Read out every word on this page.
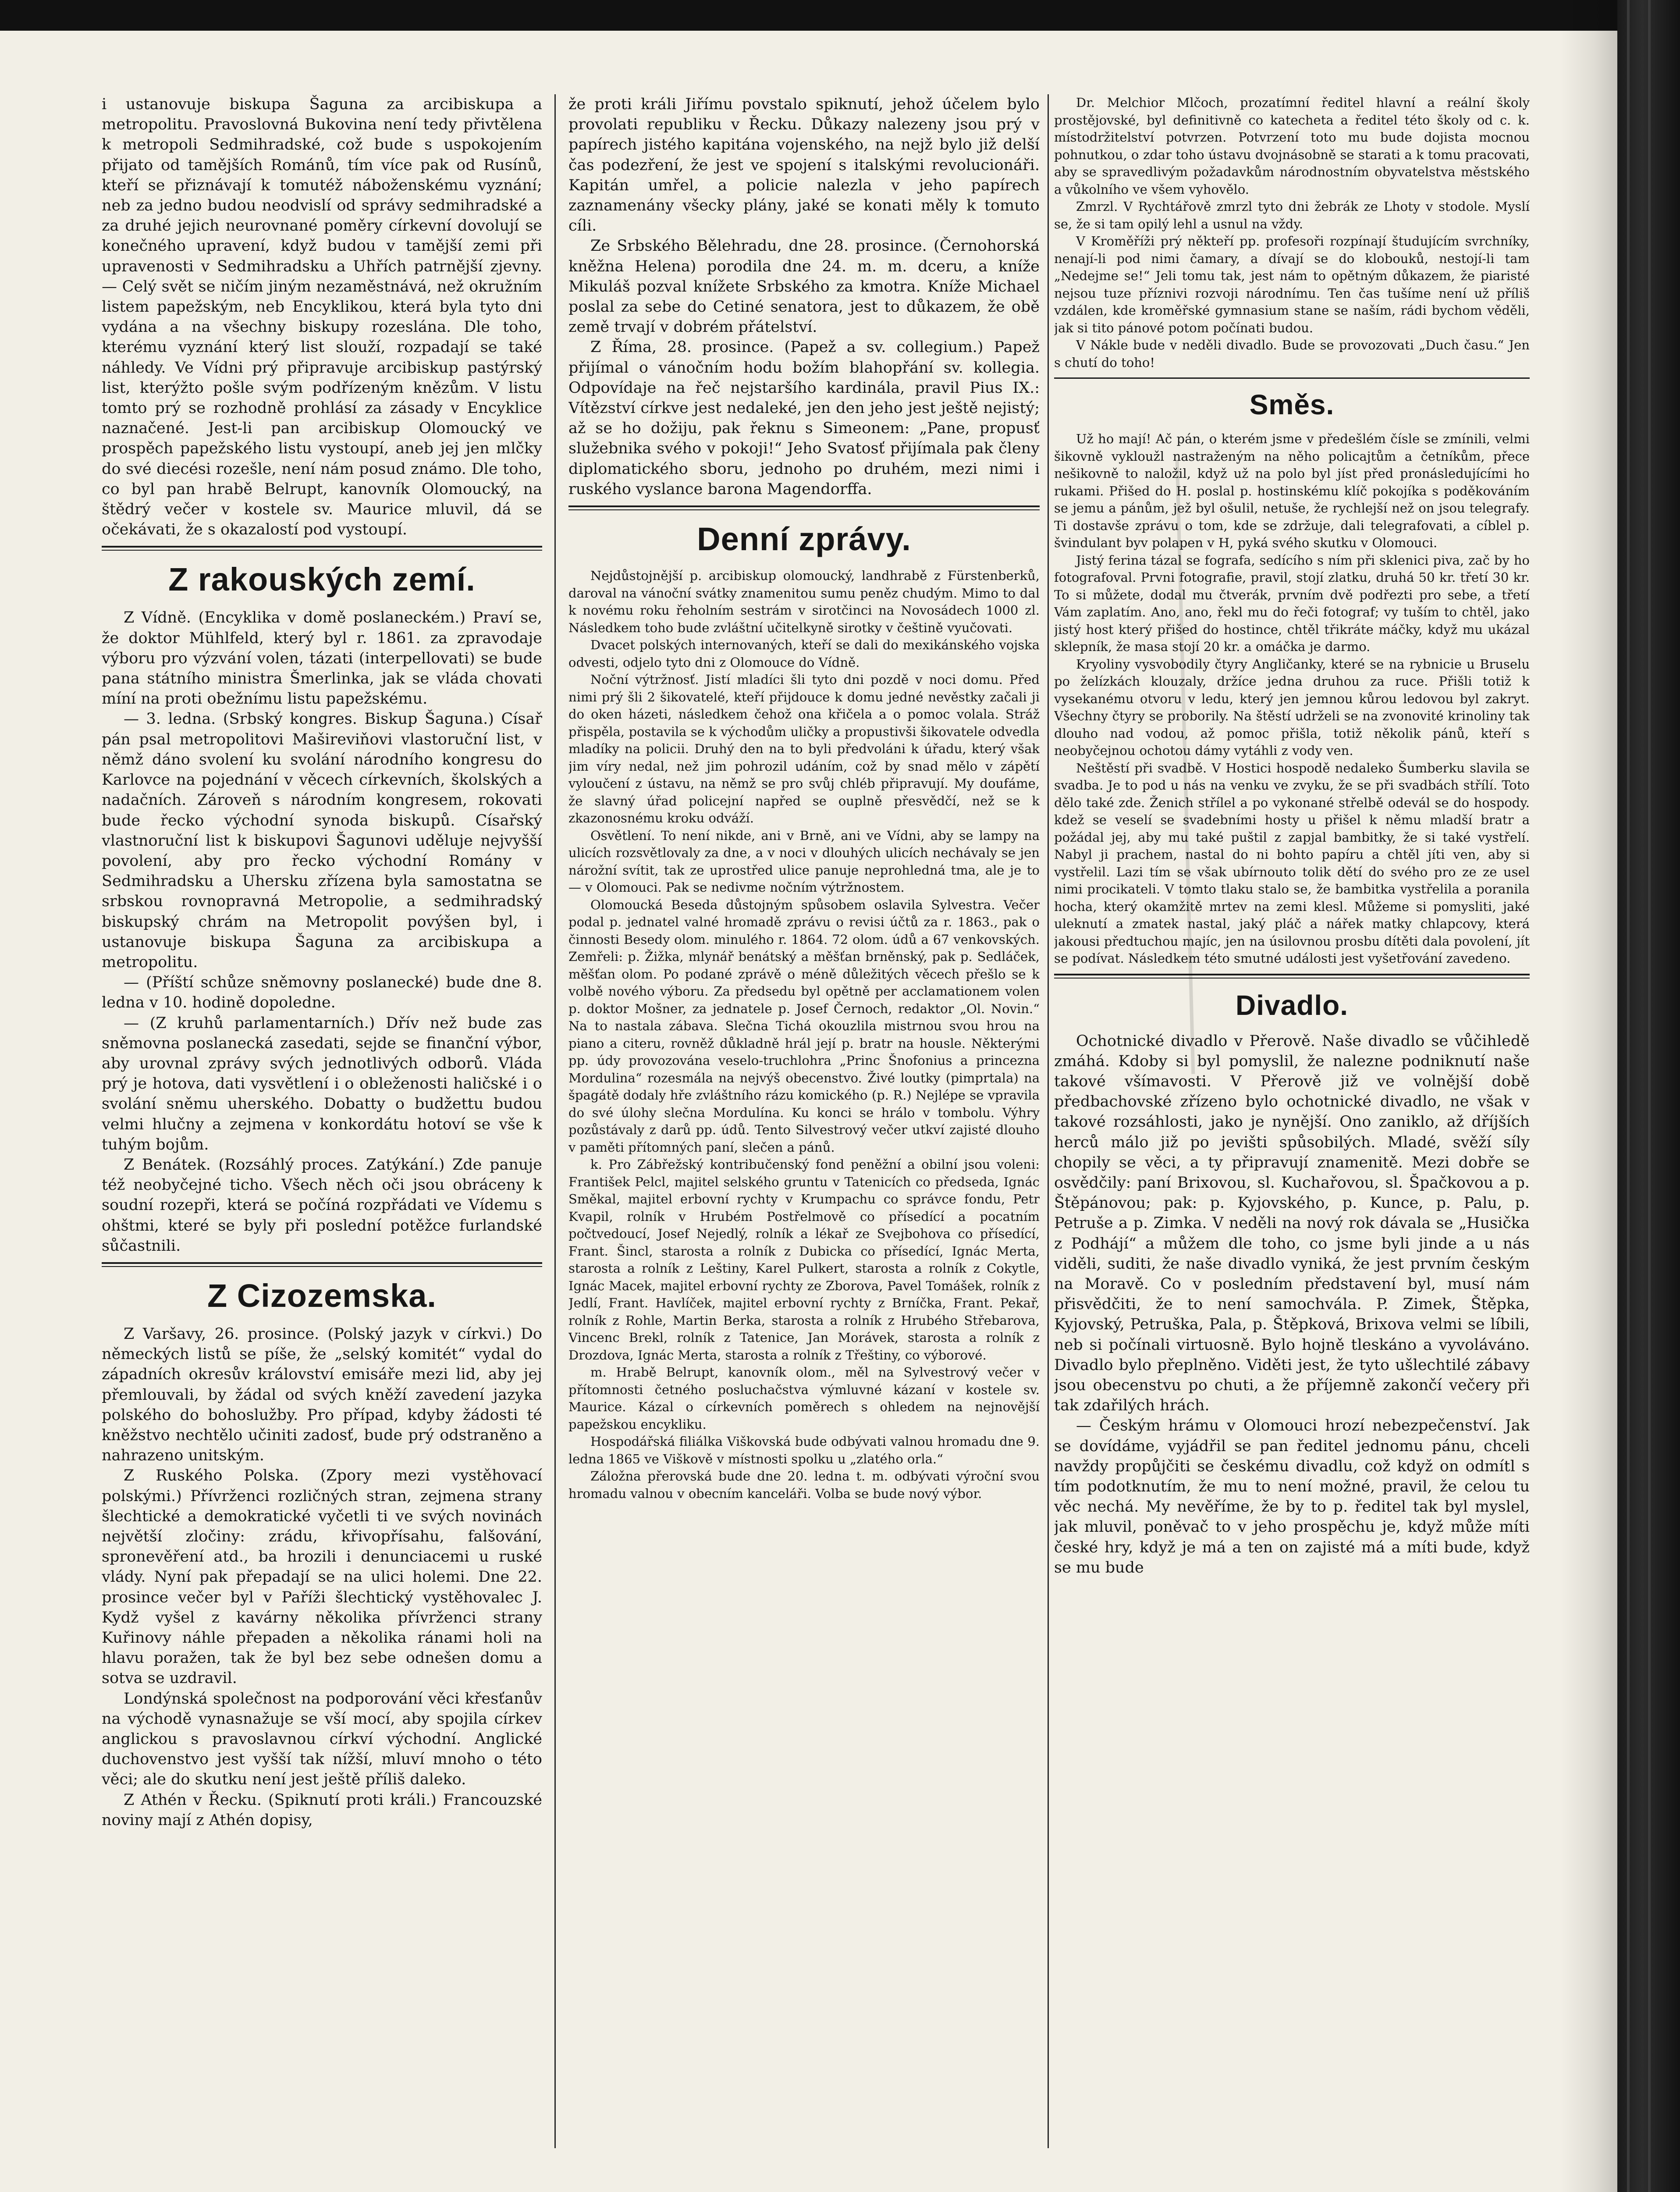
i ustanovuje biskupa Šaguna za arcibiskupa a metropolitu. Pravoslovná Bukovina není tedy přivtělena k metropoli Sedmihradské, což bude s uspokojením přijato od tamějších Románů, tím více pak od Rusínů, kteří se přiznávají k tomutéž náboženskému vyznání; neb za jedno budou neodvislí od správy sedmihradské a za druhé jejich neurovnané poměry církevní dovolují se konečného upravení, když budou v tamější zemi při upravenosti v Sedmihradsku a Uhřích patrnější zjevny.— Celý svět se ničím jiným nezaměstnává, než okružním listem papežským, neb Encyklikou, která byla tyto dni vydána a na všechny biskupy rozeslána. Dle toho, kterému vyznání který list slouží, rozpadají se také náhledy. Ve Vídni prý připravuje arcibiskup pastýrský list, kterýžto pošle svým podřízeným knězům. V listu tomto prý se rozhodně prohlásí za zásady v Encyklice naznačené. Jest-li pan arcibiskup Olomoucký ve prospěch papežského listu vystoupí, aneb jej jen mlčky do své diecési rozešle, není nám posud známo. Dle toho, co byl pan hrabě Belrupt, kanovník Olomoucký, na štědrý večer v kostele sv. Maurice mluvil, dá se očekávati, že s okazalostí pod vystoupí.

Z rakouských zemí.

Z Vídně. (Encyklika v domě poslaneckém.) Praví se, že doktor Mühlfeld, který byl r. 1861. za zpravodaje výboru pro výzvání volen, tázati (interpellovati) se bude pana státního ministra Šmerlinka, jak se vláda chovati míní na proti obežnímu listu papežskému.

— 3. ledna. (Srbský kongres. Biskup Šaguna.) Císař pán psal metropolitovi Mašireviňovi vlastoruční list, v němž dáno svolení ku svolání národního kongresu do Karlovce na pojednání v věcech církevních, školských a nadačních. Zároveň s národním kongresem, rokovati bude řecko východní synoda biskupů. Císařský vlastnoruční list k biskupovi Šagunovi uděluje nejvyšší povolení, aby pro řecko východní Romány v Sedmihradsku a Uhersku zřízena byla samostatna se srbskou rovnopravná Metropolie, a sedmihradský biskupský chrám na Metropolit povýšen byl, i ustanovuje biskupa Šaguna za arcibiskupa a metropolitu.

— (Příští schůze sněmovny poslanecké) bude dne 8. ledna v 10. hodině dopoledne.

— (Z kruhů parlamentarních.) Dřív než bude zas sněmovna poslanecká zasedati, sejde se finanční výbor, aby urovnal zprávy svých jednotlivých odborů. Vláda prý je hotova, dati vysvětlení i o obleženosti haličské i o svolání sněmu uherského. Dobatty o budžettu budou velmi hlučny a zejmena v konkordátu hotoví se vše k tuhým bojům.

Z Benátek. (Rozsáhlý proces. Zatýkání.) Zde panuje též neobyčejné ticho. Všech něch oči jsou obráceny k soudní rozepři, která se počíná rozpřádati ve Vídemu s ohštmi, které se byly při poslední potěžce furlandské sůčastnili.

Z Cizozemska.

Z Varšavy, 26. prosince. (Polský jazyk v církvi.) Do německých listů se píše, že „selský komitét“ vydal do západních okresův království emisáře mezi lid, aby jej přemlouvali, by žádal od svých kněží zavedení jazyka polského do bohoslužby. Pro případ, kdyby žádosti té kněžstvo nechtělo učiniti zadosť, bude prý odstraněno a nahrazeno unitským.

Z Ruského Polska. (Zpory mezi vystěhovací polskými.) Přívrženci rozličných stran, zejmena strany šlechtické a demokratické vyčetli ti ve svých novinách největší zločiny: zrádu, křivopřísahu, falšování, spronevěření atd., ba hrozili i denunciacemi u ruské vlády. Nyní pak přepadají se na ulici holemi. Dne 22. prosince večer byl v Paříži šlechtický vystěhovalec J. Kydž vyšel z kavárny několika přívrženci strany Kuřinovy náhle přepaden a několika ránami holi na hlavu poražen, tak že byl bez sebe odnešen domu a sotva se uzdravil.

Londýnská společnost na podporování věci křesťanův na východě vynasnažuje se vší mocí, aby spojila církev anglickou s pravoslavnou církví východní. Anglické duchovenstvo jest vyšší tak nížší, mluví mnoho o této věci; ale do skutku není jest ještě příliš daleko.

Z Athén v Řecku. (Spiknutí proti králi.) Francouzské noviny mají z Athén dopisy,

že proti králi Jiřímu povstalo spiknutí, jehož účelem bylo provolati republiku v Řecku. Důkazy nalezeny jsou prý v papírech jistého kapitána vojenského, na nejž bylo již delší čas podezření, že jest ve spojení s italskými revolucionáři. Kapitán umřel, a policie nalezla v jeho papírech zaznamenány všecky plány, jaké se konati měly k tomuto cíli.

Ze Srbského Bělehradu, dne 28. prosince. (Černohorská kněžna Helena) porodila dne 24. m. m. dceru, a kníže Mikuláš pozval knížete Srbského za kmotra. Kníže Michael poslal za sebe do Cetiné senatora, jest to důkazem, že obě země trvají v dobrém přátelství.

Z Říma, 28. prosince. (Papež a sv. collegium.) Papež přijímal o vánočním hodu božím blahopřání sv. kollegia. Odpovídaje na řeč nejstaršího kardinála, pravil Pius IX.: Vítězství církve jest nedaleké, jen den jeho jest ještě nejistý; až se ho dožiju, pak řeknu s Simeonem: „Pane, propusť služebnika svého v pokoji!“ Jeho Svatosť přijímala pak členy diplomatického sboru, jednoho po druhém, mezi nimi i ruského vyslance barona Magendorffa.

Denní zprávy.

Nejdůstojnější p. arcibiskup olomoucký, landhrabě z Fürstenberků, daroval na vánoční svátky znamenitou sumu peněz chudým. Mimo to dal k novému roku řeholním sestrám v sirotčinci na Novosádech 1000 zl. Následkem toho bude zvláštní učitelkyně sirotky v češtině vyučovati.

Dvacet polských internovaných, kteří se dali do mexikánského vojska odvesti, odjelo tyto dni z Olomouce do Vídně.

Noční výtržnosť. Jistí mladíci šli tyto dni pozdě v noci domu. Před nimi prý šli 2 šikovatelé, kteří přijdouce k domu jedné nevěstky začali ji do oken házeti, následkem čehož ona křičela a o pomoc volala. Stráž přispěla, postavila se k východům uličky a propustivši šikovatele odvedla mladíky na policii. Druhý den na to byli předvoláni k úřadu, který však jim víry nedal, než jim pohrozil udáním, což by snad mělo v zápětí vyloučení z ústavu, na němž se pro svůj chléb připravují. My doufáme, že slavný úřad policejní napřed se ouplně přesvědčí, než se k zkazonosnému kroku odváží.

Osvětlení. To není nikde, ani v Brně, ani ve Vídni, aby se lampy na ulicích rozsvětlovaly za dne, a v noci v dlouhých ulicích nechávaly se jen nárožní svítit, tak ze uprostřed ulice panuje neprohledná tma, ale je to — v Olomouci. Pak se nedivme nočním výtržnostem.

Olomoucká Beseda důstojným spůsobem oslavila Sylvestra. Večer podal p. jednatel valné hromadě zprávu o revisi účtů za r. 1863., pak o činnosti Besedy olom. minulého r. 1864. 72 olom. údů a 67 venkovských. Zemřeli: p. Žižka, mlynář benátský a měšťan brněnský, pak p. Sedláček, měšťan olom. Po podané zprávě o méně důležitých věcech přešlo se k volbě nového výboru. Za předsedu byl opětně per acclamationem volen p. doktor Mošner, za jednatele p. Josef Černoch, redaktor „Ol. Novin.“ Na to nastala zábava. Slečna Tichá okouzlila mistrnou svou hrou na piano a citeru, rovněž důkladně hrál její p. bratr na housle. Některými pp. údy provozována veselo-truchlohra „Princ Šnofonius a princezna Mordulina“ rozesmála na nejvýš obecenstvo. Živé loutky (pimprtala) na špagátě dodaly hře zvláštního rázu komického (p. R.) Nejlépe se vpravila do své úlohy slečna Mordulína. Ku konci se hrálo v tombolu. Výhry pozůstávaly z darů pp. údů. Tento Silvestrový večer utkví zajisté dlouho v paměti přítomných paní, slečen a pánů.

k. Pro Zábřežský kontribučenský fond peněžní a obilní jsou voleni: František Pelcl, majitel selského gruntu v Tatenicích co předseda, Ignác Směkal, majitel erbovní rychty v Krumpachu co správce fondu, Petr Kvapil, rolník v Hrubém Postřelmově co přísedící a pocatním počtvedoucí, Josef Nejedlý, rolník a lékař ze Svejbohova co přísedící, Frant. Šincl, starosta a rolník z Dubicka co přísedící, Ignác Merta, starosta a rolník z Leštiny, Karel Pulkert, starosta a rolník z Cokytle, Ignác Macek, majitel erbovní rychty ze Zborova, Pavel Tomášek, rolník z Jedlí, Frant. Havlíček, majitel erbovní rychty z Brníčka, Frant. Pekař, rolník z Rohle, Martin Berka, starosta a rolník z Hrubého Střebarova, Vincenc Brekl, rolník z Tatenice, Jan Morávek, starosta a rolník z Drozdova, Ignác Merta, starosta a rolník z Třeštiny, co výborové.

m. Hrabě Belrupt, kanovník olom., měl na Sylvestrový večer v přítomnosti četného posluchačstva výmluvné kázaní v kostele sv. Maurice. Kázal o církevních poměrech s ohledem na nejnovější papežskou encykliku.

Hospodářská filiálka Viškovská bude odbývati valnou hromadu dne 9. ledna 1865 ve Viškově v místnosti spolku u „zlatého orla.“

Záložna přerovská bude dne 20. ledna t. m. odbývati výroční svou hromadu valnou v obecním kanceláři. Volba se bude nový výbor.

Dr. Melchior Mlčoch, prozatímní ředitel hlavní a reální školy prostějovské, byl definitivně co katecheta a ředitel této školy od c. k. místodržitelství potvrzen. Potvrzení toto mu bude dojista mocnou pohnutkou, o zdar toho ústavu dvojnásobně se starati a k tomu pracovati, aby se spravedlivým požadavkům národnostním obyvatelstva městského a vůkolního ve všem vyhovělo.

Zmrzl. V Rychtářově zmrzl tyto dni žebrák ze Lhoty v stodole. Myslí se, že si tam opilý lehl a usnul na vždy.

V Kroměříži prý někteří pp. profesoři rozpínají študujícím svrchníky, nenají-li pod nimi čamary, a dívají se do klobouků, nestojí-li tam „Nedejme se!“ Jeli tomu tak, jest nám to opětným důkazem, že piaristé nejsou tuze příznivi rozvoji národnímu. Ten čas tušíme není už příliš vzdálen, kde kroměřské gymnasium stane se naším, rádi bychom věděli, jak si tito pánové potom počínati budou.

V Nákle bude v neděli divadlo. Bude se provozovati „Duch času.“ Jen s chutí do toho!

Směs.

Už ho mají! Ač pán, o kterém jsme v předešlém čísle se zmínili, velmi šikovně vykloužl nastraženým na něho policajtům a četníkům, přece nešikovně to naložil, když už na polo byl jíst před pronásledujícími ho rukami. Přišed do H. poslal p. hostinskému klíč pokojíka s poděkováním se jemu a pánům, jež byl ošulil, netuše, že rychlejší než on jsou telegrafy. Ti dostavše zprávu o tom, kde se zdržuje, dali telegrafovati, a cíblel p. švindulant byv polapen v H, pyká svého skutku v Olomouci.

Jistý ferina tázal se fografa, sedícího s ním při sklenici piva, zač by ho fotografoval. Prvni fotografie, pravil, stojí zlatku, druhá 50 kr. třetí 30 kr. To si můžete, dodal mu čtverák, prvním dvě podřezti pro sebe, a třetí Vám zaplatím. Ano, ano, řekl mu do řeči fotograf; vy tuším to chtěl, jako jistý host který přišed do hostince, chtěl třikráte máčky, když mu ukázal sklepník, že masa stojí 20 kr. a omáčka je darmo.

Kryoliny vysvobodily čtyry Angličanky, které se na rybnicie u Bruselu po želízkách klouzaly, držíce jedna druhou za ruce. Přišli totiž k vysekanému otvoru v ledu, který jen jemnou kůrou ledovou byl zakryt. Všechny čtyry se proborily. Na štěstí udrželi se na zvonovité krinoliny tak dlouho nad vodou, až pomoc přišla, totiž několik pánů, kteří s neobyčejnou ochotou dámy vytáhli z vody ven.

Neštěstí při svadbě. V Hostici hospodě nedaleko Šumberku slavila se svadba. Je to pod u nás na venku ve zvyku, že se při svadbách střílí. Toto dělo také zde. Ženich střílel a po vykonané střelbě odevál se do hospody. kdež se veselí se svadebními hosty u přišel k němu mladší bratr a požádal jej, aby mu také puštil z zapjal bambitky, že si také vystřelí. Nabyl ji prachem, nastal do ni bohto papíru a chtěl jíti ven, aby si vystřelil. Lazi tím se však ubírnouto tolik dětí do svého pro ze ze usel nimi procikateli. V tomto tlaku stalo se, že bambitka vystřelila a poranila hocha, který okamžitě mrtev na zemi klesl. Můžeme si pomysliti, jaké uleknutí a zmatek nastal, jaký pláč a nářek matky chlapcovy, která jakousi předtuchou majíc, jen na úsilovnou prosbu dítěti dala povolení, jít se podívat. Následkem této smutné události jest vyšetřování zavedeno.

Divadlo.

Ochotnické divadlo v Přerově. Naše divadlo se vůčihledě zmáhá. Kdoby si byl pomyslil, že nalezne podniknutí naše takové všímavosti. V Přerově již ve volnější době předbachovské zřízeno bylo ochotnické divadlo, ne však v takové rozsáhlosti, jako je nynější. Ono zaniklo, až dříjších herců málo již po jevišti spůsobilých. Mladé, svěží síly chopily se věci, a ty připravují znamenitě. Mezi dobře se osvědčily: paní Brixovou, sl. Kuchařovou, sl. Špačkovou a p. Štěpánovou; pak: p. Kyjovského, p. Kunce, p. Palu, p. Petruše a p. Zimka. V neděli na nový rok dávala se „Husička z Podhájí“ a můžem dle toho, co jsme byli jinde a u nás viděli, suditi, že naše divadlo vyniká, že jest prvním českým na Moravě. Co v posledním představení byl, musí nám přisvědčiti, že to není samochvála. P. Zimek, Štěpka, Kyjovský, Petruška, Pala, p. Štěpková, Brixova velmi se líbili, neb si počínali virtuosně. Bylo hojně tleskáno a vyvoláváno. Divadlo bylo přeplněno. Viděti jest, že tyto ušlechtilé zábavy jsou obecenstvu po chuti, a že příjemně zakončí večery při tak zdařilých hrách.

— Českým hrámu v Olomouci hrozí nebezpečenství. Jak se dovídáme, vyjádřil se pan ředitel jednomu pánu, chceli navždy propůjčiti se českému divadlu, což když on odmítl s tím podotknutím, že mu to není možné, pravil, že celou tu věc nechá. My nevěříme, že by to p. ředitel tak byl myslel, jak mluvil, poněvač to v jeho prospěchu je, když může míti české hry, když je má a ten on zajisté má a míti bude, když se mu bude
